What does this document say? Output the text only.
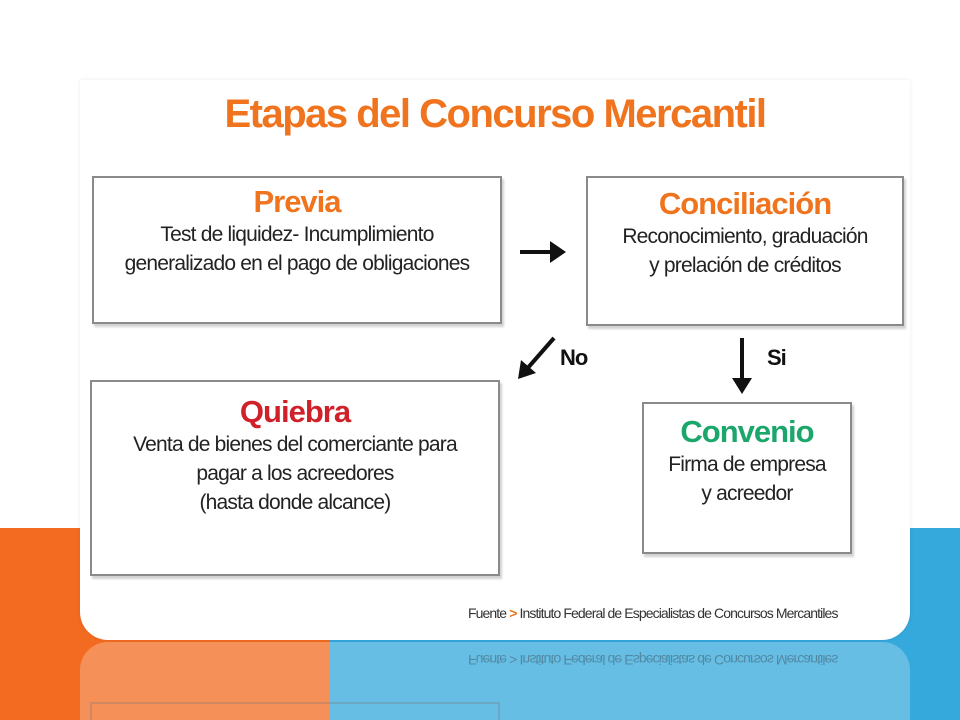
Etapas del Concurso Mercantil
Previa
Test de liquidez- Incumplimiento
generalizado en el pago de obligaciones
Conciliación
Reconocimiento, graduación
y prelación de créditos
Quiebra
Venta de bienes del comerciante para
pagar a los acreedores
(hasta donde alcance)
Convenio
Firma de empresa
y acreedor
No	Si
Fuente > Instituto Federal de Especialistas de Concursos Mercantiles
Fuente > Instituto Federal de Especialistas de Concursos Mercantiles
